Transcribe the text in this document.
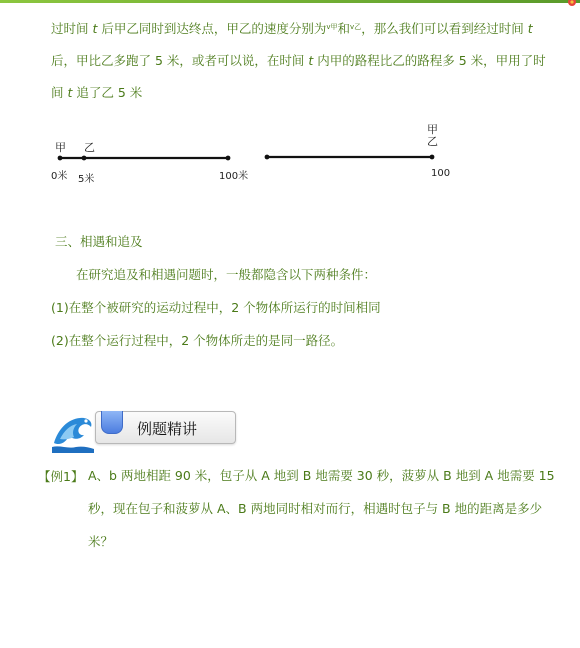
过时间 t 后甲乙同时到达终点，甲乙的速度分别为$^{v甲}$和$^{v乙}$，那么我们可以看到经过时间 t
后，甲比乙多跑了 5 米，或者可以说，在时间 t 内甲的路程比乙的路程多 5 米，甲用了时
间 t 追了乙 5 米
甲 乙
0米 5米	100米
甲
乙
100
三、相遇和追及
在研究追及和相遇问题时，一般都隐含以下两种条件：
(1)在整个被研究的运动过程中，2 个物体所运行的时间相同
(2)在整个运行过程中，2 个物体所走的是同一路径。
例题精讲
【例1】 A、b 两地相距 90 米，包子从 A 地到 B 地需要 30 秒，菠萝从 B 地到 A 地需要 15
秒，现在包子和菠萝从 A、B 两地同时相对而行，相遇时包子与 B 地的距离是多少
米？
